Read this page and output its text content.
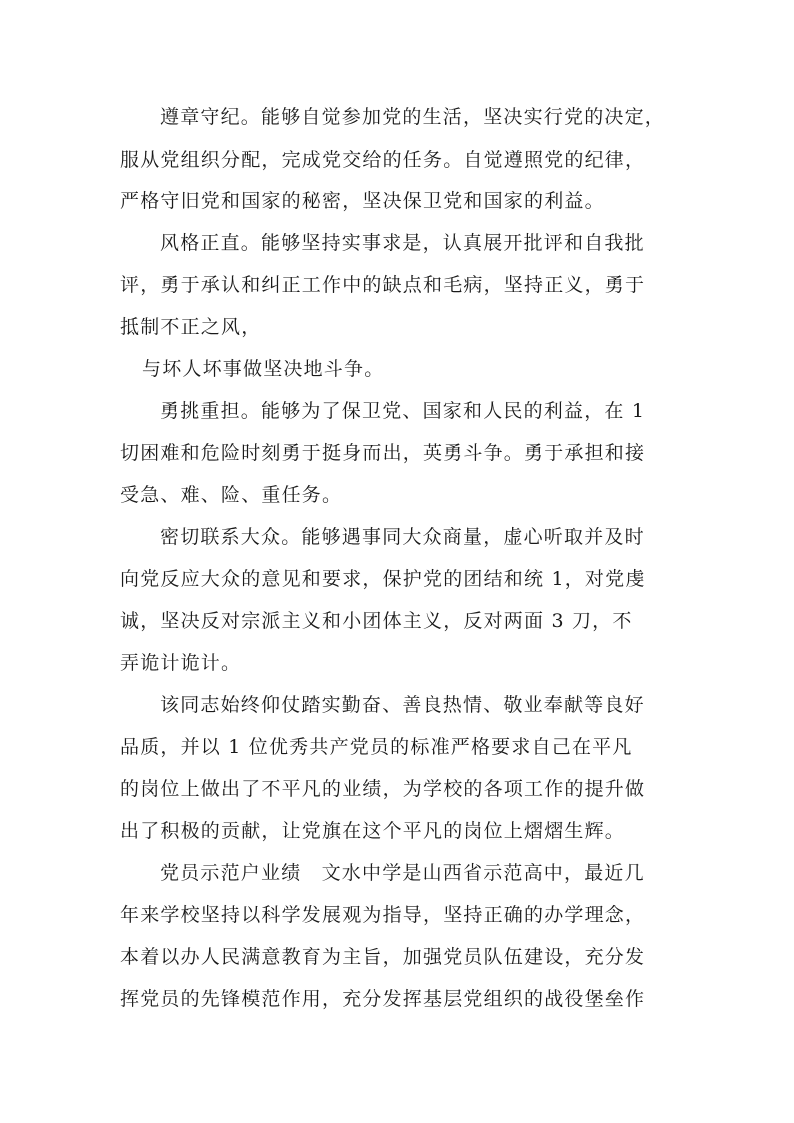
遵章守纪。能够自觉参加党的生活，坚决实行党的决定，
服从党组织分配，完成党交给的任务。自觉遵照党的纪律，
严格守旧党和国家的秘密，坚决保卫党和国家的利益。
风格正直。能够坚持实事求是，认真展开批评和自我批
评，勇于承认和纠正工作中的缺点和毛病，坚持正义，勇于
抵制不正之风，
与坏人坏事做坚决地斗争。
勇挑重担。能够为了保卫党、国家和人民的利益，在 1
切困难和危险时刻勇于挺身而出，英勇斗争。勇于承担和接
受急、难、险、重任务。
密切联系大众。能够遇事同大众商量，虚心听取并及时
向党反应大众的意见和要求，保护党的团结和统 1，对党虔
诚，坚决反对宗派主义和小团体主义，反对两面 3 刀，不
弄诡计诡计。
该同志始终仰仗踏实勤奋、善良热情、敬业奉献等良好
品质，并以 1 位优秀共产党员的标准严格要求自己在平凡
的岗位上做出了不平凡的业绩，为学校的各项工作的提升做
出了积极的贡献，让党旗在这个平凡的岗位上熠熠生辉。
党员示范户业绩　文水中学是山西省示范高中，最近几
年来学校坚持以科学发展观为指导，坚持正确的办学理念，
本着以办人民满意教育为主旨，加强党员队伍建设，充分发
挥党员的先锋模范作用，充分发挥基层党组织的战役堡垒作
